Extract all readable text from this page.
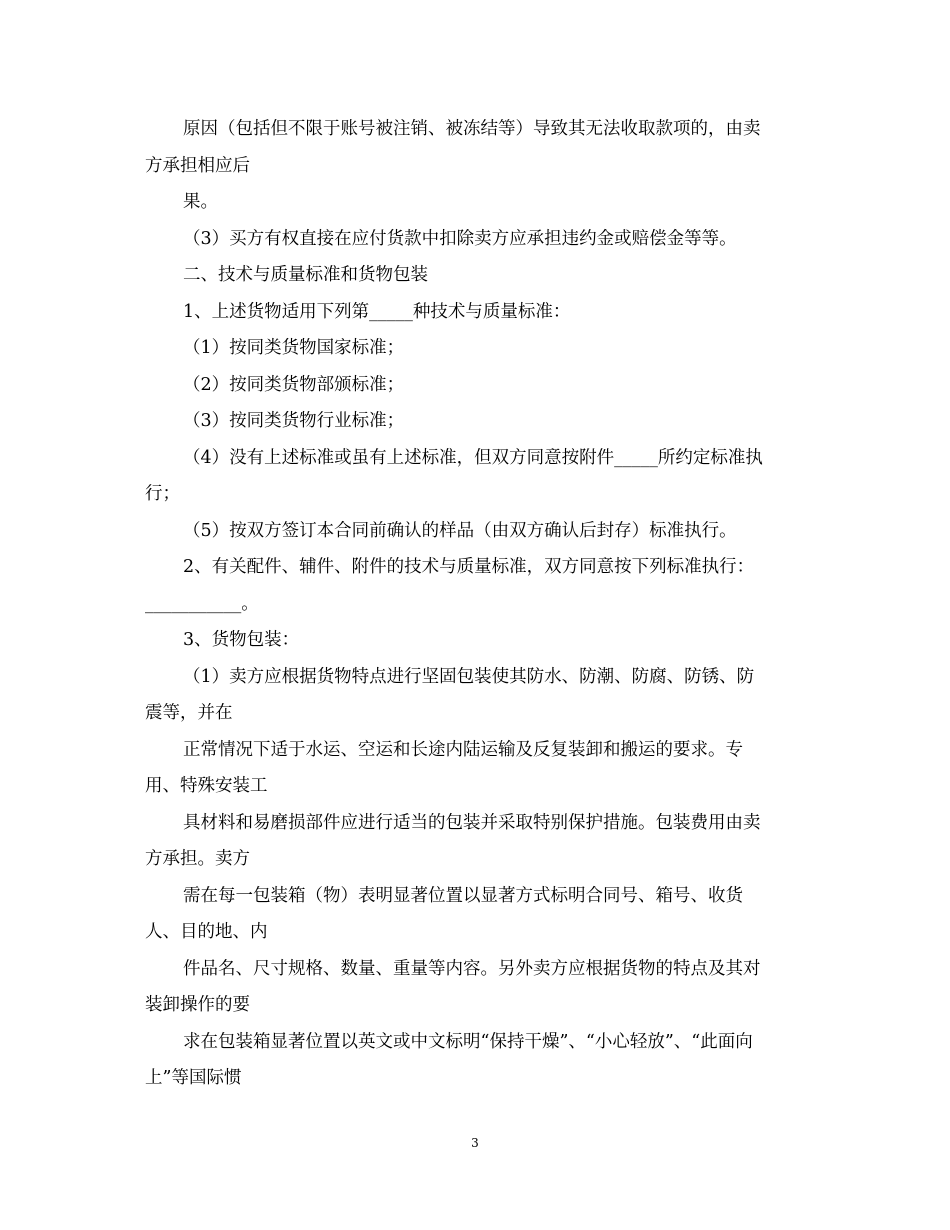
原因（包括但不限于账号被注销、被冻结等）导致其无法收取款项的，由卖
方承担相应后
果。
（3）买方有权直接在应付货款中扣除卖方应承担违约金或赔偿金等等。
二、技术与质量标准和货物包装
1、上述货物适用下列第_____种技术与质量标准：
（1）按同类货物国家标准；
（2）按同类货物部颁标准；
（3）按同类货物行业标准；
（4）没有上述标准或虽有上述标准，但双方同意按附件_____所约定标准执
行；
（5）按双方签订本合同前确认的样品（由双方确认后封存）标准执行。
2、有关配件、辅件、附件的技术与质量标准，双方同意按下列标准执行：
___________。
3、货物包装：
（1）卖方应根据货物特点进行坚固包装使其防水、防潮、防腐、防锈、防
震等，并在
正常情况下适于水运、空运和长途内陆运输及反复装卸和搬运的要求。专
用、特殊安装工
具材料和易磨损部件应进行适当的包装并采取特别保护措施。包装费用由卖
方承担。卖方
需在每一包装箱（物）表明显著位置以显著方式标明合同号、箱号、收货
人、目的地、内
件品名、尺寸规格、数量、重量等内容。另外卖方应根据货物的特点及其对
装卸操作的要
求在包装箱显著位置以英文或中文标明“保持干燥”、“小心轻放”、“此面向
上”等国际惯
3
